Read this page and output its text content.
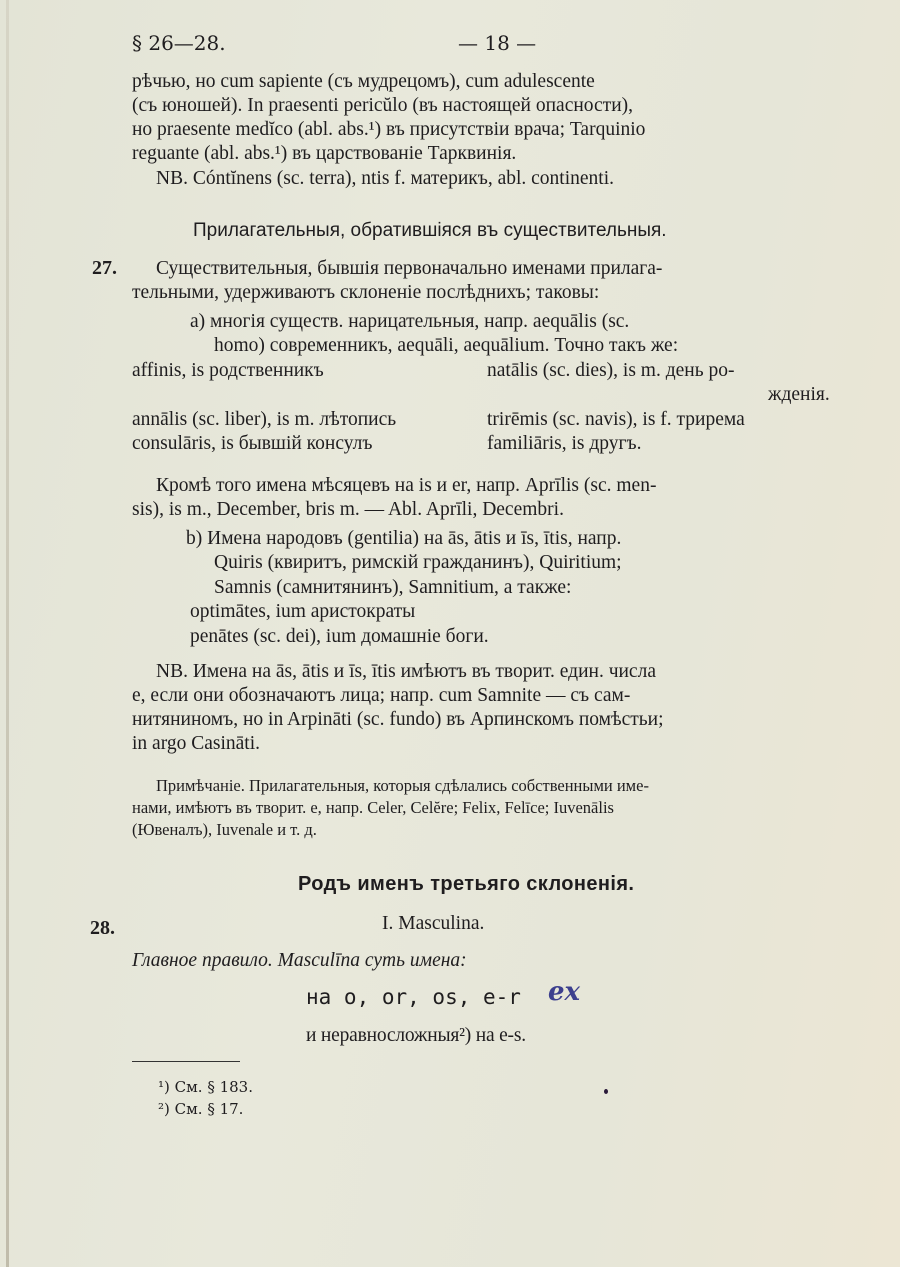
§ 26—28.	— 18 —
рѣчью, но cum sapiente (съ мудрецомъ), cum adulescente
(съ юношей). In praesenti pericŭlo (въ настоящей опасности),
но praesente medĭco (abl. abs.¹) въ присутствіи врача; Tarquinio
reguante (abl. abs.¹) въ царствованіе Тарквинія.
NB. Cóntĭnens (sc. terra), ntis f. материкъ, abl. continenti.
Прилагательныя, обратившіяся въ существительныя.
27. Существительныя, бывшія первоначально именами прилага-
тельными, удерживаютъ склоненіе послѣднихъ; таковы:
a) многія существ. нарицательныя, напр. aequālis (sc.
homo) современникъ, aequāli, aequālium. Точно такъ же:
affinis, is родственникъ	natālis (sc. dies), is m. день ро-
жденія.
annālis (sc. liber), is m. лѣтопись	trirēmis (sc. navis), is f. трирема
consulāris, is бывшій консулъ	familiāris, is другъ.
Кромѣ того имена мѣсяцевъ на is и er, напр. Aprīlis (sc. men-
sis), is m., December, bris m. — Abl. Aprīli, Decembri.
b) Имена народовъ (gentilia) на ās, ātis и īs, ītis, напр.
Quiris (квиритъ, римскій гражданинъ), Quiritium;
Samnis (самнитянинъ), Samnitium, а также:
optimātes, ium аристократы
penātes (sc. dei), ium домашніе боги.
NB. Имена на ās, ātis и īs, ītis имѣютъ въ творит. един. числа
e, если они обозначаютъ лица; напр. cum Samnite — съ сам-
нитяниномъ, но in Arpināti (sc. fundo) въ Арпинскомъ помѣстьи;
in argo Casināti.
Примѣчаніе. Прилагательныя, которыя сдѣлались собственными име-
нами, имѣютъ въ творит. e, напр. Celer, Celĕre; Felix, Felīce; Iuvenālis
(Ювеналъ), Iuvenale и т. д.
Родъ именъ третьяго склоненія.
28.	I. Masculina.
Главное правило. Masculīna суть имена:
на o, or, os, e-r ex
и неравносложныя²) на e-s.
¹) См. § 183.
²) См. § 17.
